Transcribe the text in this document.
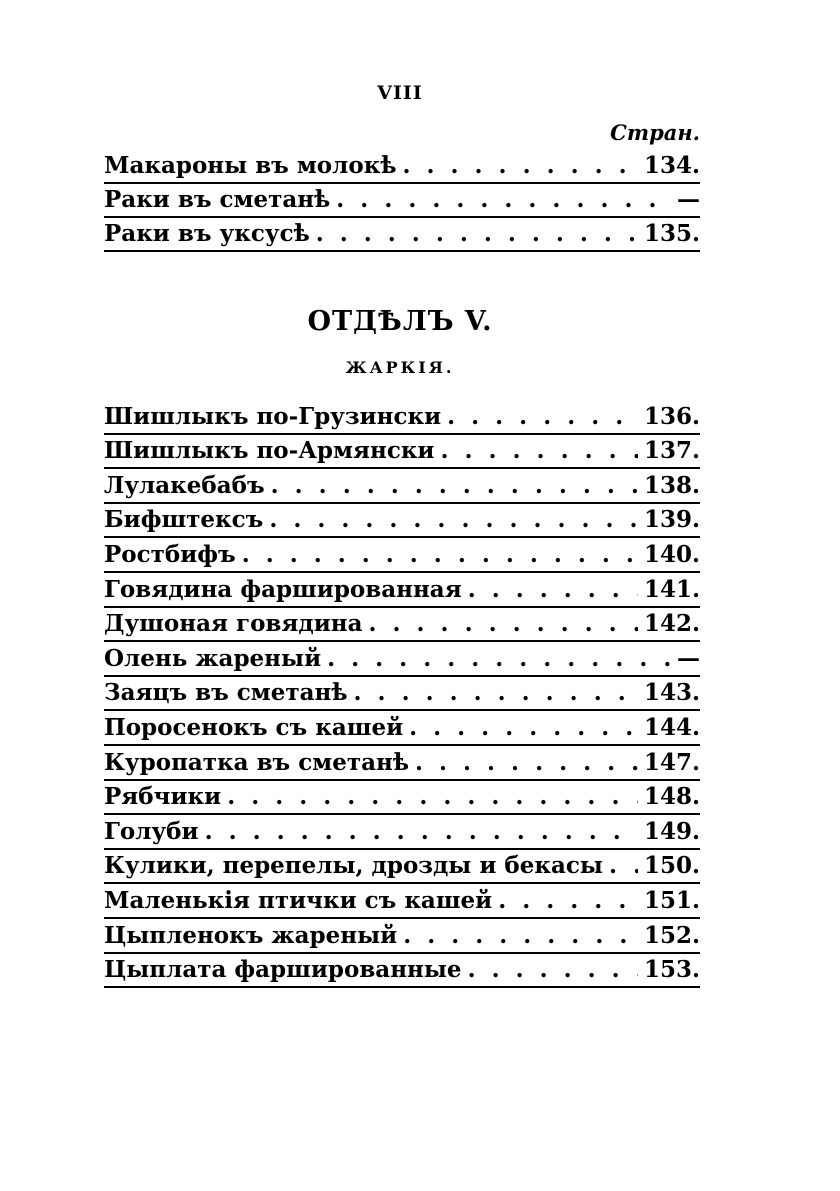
VIII
Стран.
Макароны въ молокѣ . . .	134.
Раки въ сметанѣ . . .	—
Раки въ уксусѣ . . .	135.
ОТДѢЛЪ V.
ЖАРКІЯ.
Шишлыкъ по-Грузински . . .	136.
Шишлыкъ по-Армянски . . .	137.
Лулакебабъ . . .	138.
Бифштексъ . . .	139.
Ростбифъ . . .	140.
Говядина фаршированная . . .	141.
Душоная говядина . . .	142.
Олень жареный . . .	—
Заяцъ въ сметанѣ . . .	143.
Поросенокъ съ кашей . . .	144.
Куропатка въ сметанѣ . . .	147.
Рябчики . . .	148.
Голуби . . .	149.
Кулики, перепелы, дрозды и бекасы . . . 150.
Маленькія птички съ кашей . . .	151.
Цыпленокъ жареный . . .	152.
Цыплата фаршированные . . .	153.
